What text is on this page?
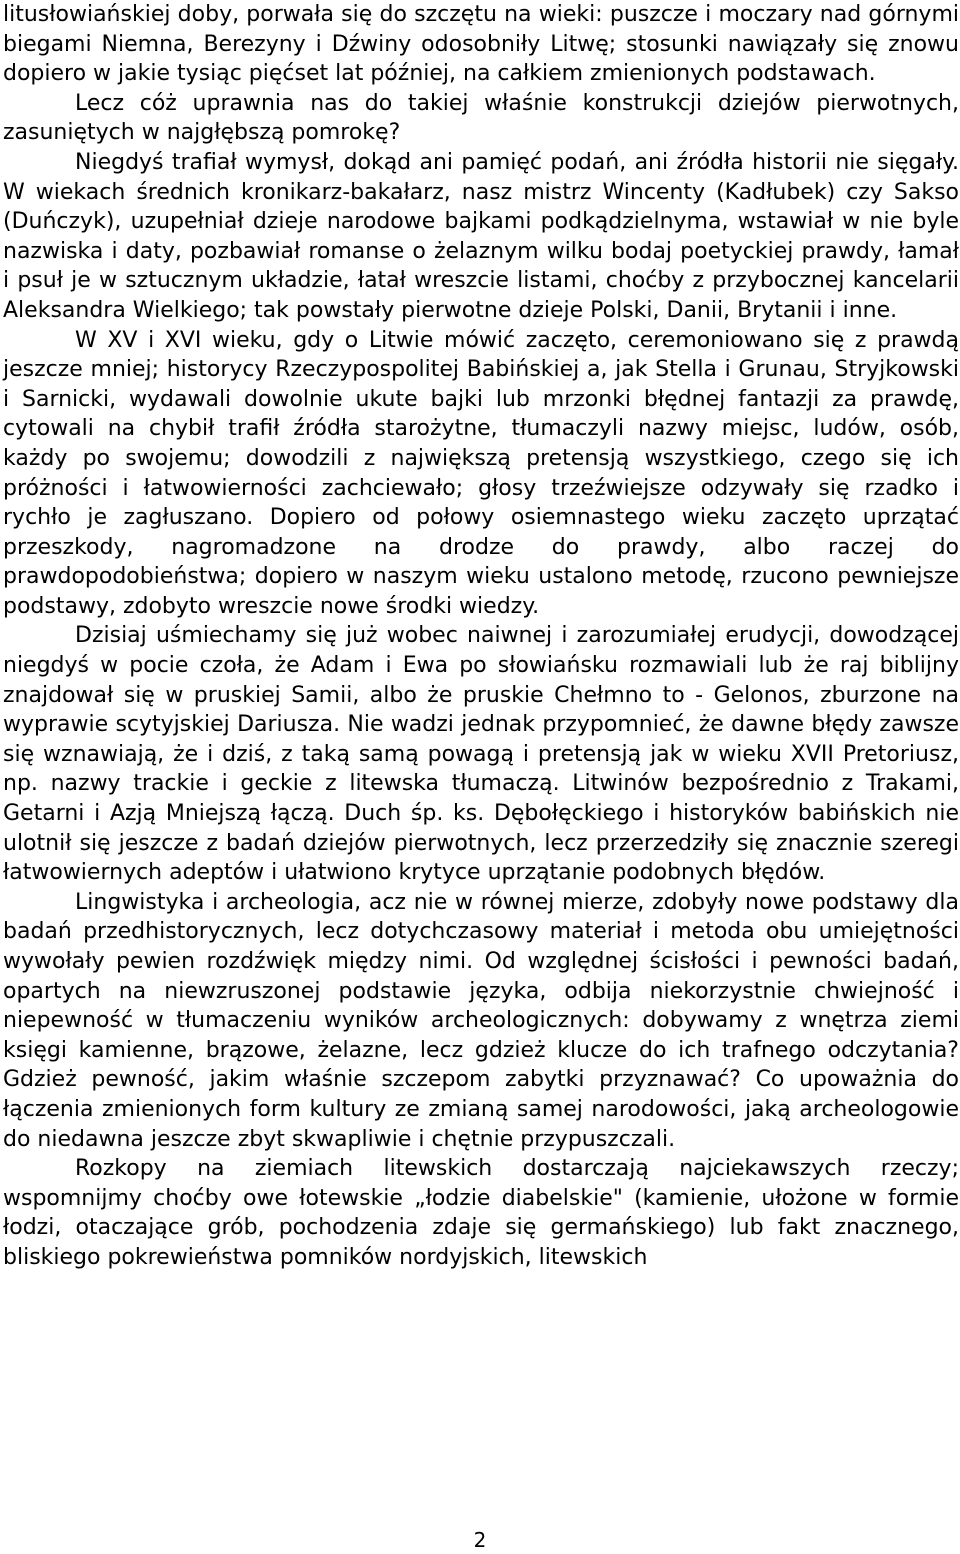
litusłowiańskiej doby, porwała się do szczętu na wieki: puszcze i moczary nad górnymi biegami Niemna, Berezyny i Dźwiny odosobniły Litwę; stosunki nawiązały się znowu dopiero w jakie tysiąc pięćset lat później, na całkiem zmienionych podstawach.

Lecz cóż uprawnia nas do takiej właśnie konstrukcji dziejów pierwotnych, zasuniętych w najgłębszą pomrokę?

Niegdyś trafiał wymysł, dokąd ani pamięć podań, ani źródła historii nie sięgały. W wiekach średnich kronikarz-bakałarz, nasz mistrz Wincenty (Kadłubek) czy Sakso (Duńczyk), uzupełniał dzieje narodowe bajkami podkądzielnyma, wstawiał w nie byle nazwiska i daty, pozbawiał romanse o żelaznym wilku bodaj poetyckiej prawdy, łamał i psuł je w sztucznym układzie, łatał wreszcie listami, choćby z przybocznej kancelarii Aleksandra Wielkiego; tak powstały pierwotne dzieje Polski, Danii, Brytanii i inne.

W XV i XVI wieku, gdy o Litwie mówić zaczęto, ceremoniowano się z prawdą jeszcze mniej; historycy Rzeczypospolitej Babińskiej a, jak Stella i Grunau, Stryjkowski i Sarnicki, wydawali dowolnie ukute bajki lub mrzonki błędnej fantazji za prawdę, cytowali na chybił trafił źródła starożytne, tłumaczyli nazwy miejsc, ludów, osób, każdy po swojemu; dowodzili z największą pretensją wszystkiego, czego się ich próżności i łatwowierności zachciewało; głosy trzeźwiejsze odzywały się rzadko i rychło je zagłuszano. Dopiero od połowy osiemnastego wieku zaczęto uprzątać przeszkody, nagromadzone na drodze do prawdy, albo raczej do prawdopodobieństwa; dopiero w naszym wieku ustalono metodę, rzucono pewniejsze podstawy, zdobyto wreszcie nowe środki wiedzy.

Dzisiaj uśmiechamy się już wobec naiwnej i zarozumiałej erudycji, dowodzącej niegdyś w pocie czoła, że Adam i Ewa po słowiańsku rozmawiali lub że raj biblijny znajdował się w pruskiej Samii, albo że pruskie Chełmno to - Gelonos, zburzone na wyprawie scytyjskiej Dariusza. Nie wadzi jednak przypomnieć, że dawne błędy zawsze się wznawiają, że i dziś, z taką samą powagą i pretensją jak w wieku XVII Pretoriusz, np. nazwy trackie i geckie z litewska tłumaczą. Litwinów bezpośrednio z Trakami, Getarni i Azją Mniejszą łączą. Duch śp. ks. Dębołęckiego i historyków babińskich nie ulotnił się jeszcze z badań dziejów pierwotnych, lecz przerzedziły się znacznie szeregi łatwowiernych adeptów i ułatwiono krytyce uprzątanie podobnych błędów.

Lingwistyka i archeologia, acz nie w równej mierze, zdobyły nowe podstawy dla badań przedhistorycznych, lecz dotychczasowy materiał i metoda obu umiejętności wywołały pewien rozdźwięk między nimi. Od względnej ścisłości i pewności badań, opartych na niewzruszonej podstawie języka, odbija niekorzystnie chwiejność i niepewność w tłumaczeniu wyników archeologicznych: dobywamy z wnętrza ziemi księgi kamienne, brązowe, żelazne, lecz gdzież klucze do ich trafnego odczytania? Gdzież pewność, jakim właśnie szczepom zabytki przyznawać? Co upoważnia do łączenia zmienionych form kultury ze zmianą samej narodowości, jaką archeologowie do niedawna jeszcze zbyt skwapliwie i chętnie przypuszczali.

Rozkopy na ziemiach litewskich dostarczają najciekawszych rzeczy; wspomnijmy choćby owe łotewskie „łodzie diabelskie" (kamienie, ułożone w formie łodzi, otaczające grób, pochodzenia zdaje się germańskiego) lub fakt znacznego, bliskiego pokrewieństwa pomników nordyjskich, litewskich

2
